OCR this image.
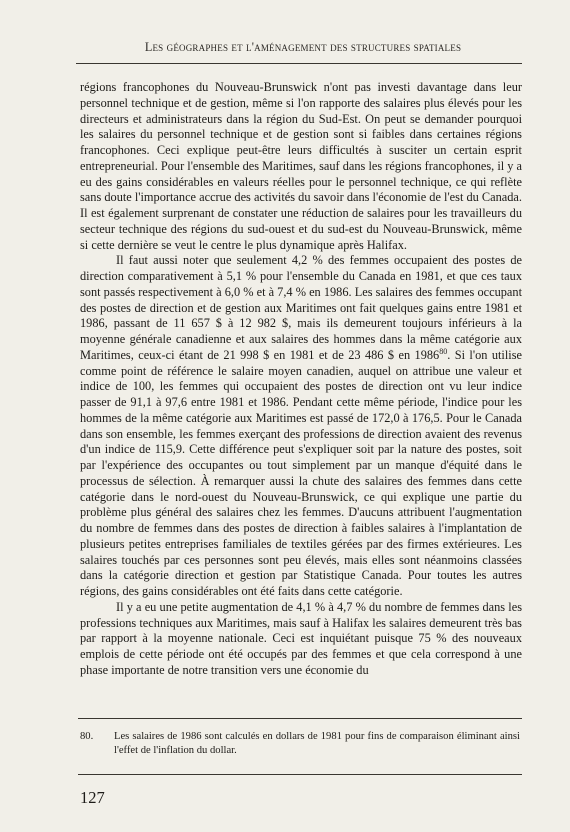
Les géographes et l'aménagement des structures spatiales

régions francophones du Nouveau-Brunswick n'ont pas investi davantage dans leur personnel technique et de gestion, même si l'on rapporte des salaires plus élevés pour les directeurs et administrateurs dans la région du Sud-Est. On peut se demander pourquoi les salaires du personnel technique et de gestion sont si faibles dans certaines régions francophones. Ceci explique peut-être leurs difficultés à susciter un certain esprit entrepreneurial. Pour l'ensemble des Maritimes, sauf dans les régions francophones, il y a eu des gains considérables en valeurs réelles pour le personnel technique, ce qui reflète sans doute l'importance accrue des activités du savoir dans l'économie de l'est du Canada. Il est également surprenant de constater une réduction de salaires pour les travailleurs du secteur technique des régions du sud-ouest et du sud-est du Nouveau-Brunswick, même si cette dernière se veut le centre le plus dynamique après Halifax.

Il faut aussi noter que seulement 4,2 % des femmes occupaient des postes de direction comparativement à 5,1 % pour l'ensemble du Canada en 1981, et que ces taux sont passés respectivement à 6,0 % et à 7,4 % en 1986. Les salaires des femmes occupant des postes de direction et de gestion aux Maritimes ont fait quelques gains entre 1981 et 1986, passant de 11 657 $ à 12 982 $, mais ils demeurent toujours inférieurs à la moyenne générale canadienne et aux salaires des hommes dans la même catégorie aux Maritimes, ceux-ci étant de 21 998 $ en 1981 et de 23 486 $ en 1986$^{80}$. Si l'on utilise comme point de référence le salaire moyen canadien, auquel on attribue une valeur et indice de 100, les femmes qui occupaient des postes de direction ont vu leur indice passer de 91,1 à 97,6 entre 1981 et 1986. Pendant cette même période, l'indice pour les hommes de la même catégorie aux Maritimes est passé de 172,0 à 176,5. Pour le Canada dans son ensemble, les femmes exerçant des professions de direction avaient des revenus d'un indice de 115,9. Cette différence peut s'expliquer soit par la nature des postes, soit par l'expérience des occupantes ou tout simplement par un manque d'équité dans le processus de sélection. À remarquer aussi la chute des salaires des femmes dans cette catégorie dans le nord-ouest du Nouveau-Brunswick, ce qui explique une partie du problème plus général des salaires chez les femmes. D'aucuns attribuent l'augmentation du nombre de femmes dans des postes de direction à faibles salaires à l'implantation de plusieurs petites entreprises familiales de textiles gérées par des firmes extérieures. Les salaires touchés par ces personnes sont peu élevés, mais elles sont néanmoins classées dans la catégorie direction et gestion par Statistique Canada. Pour toutes les autres régions, des gains considérables ont été faits dans cette catégorie.

Il y a eu une petite augmentation de 4,1 % à 4,7 % du nombre de femmes dans les professions techniques aux Maritimes, mais sauf à Halifax les salaires demeurent très bas par rapport à la moyenne nationale. Ceci est inquiétant puisque 75 % des nouveaux emplois de cette période ont été occupés par des femmes et que cela correspond à une phase importante de notre transition vers une économie du

80. Les salaires de 1986 sont calculés en dollars de 1981 pour fins de comparaison éliminant ainsi l'effet de l'inflation du dollar.
127
